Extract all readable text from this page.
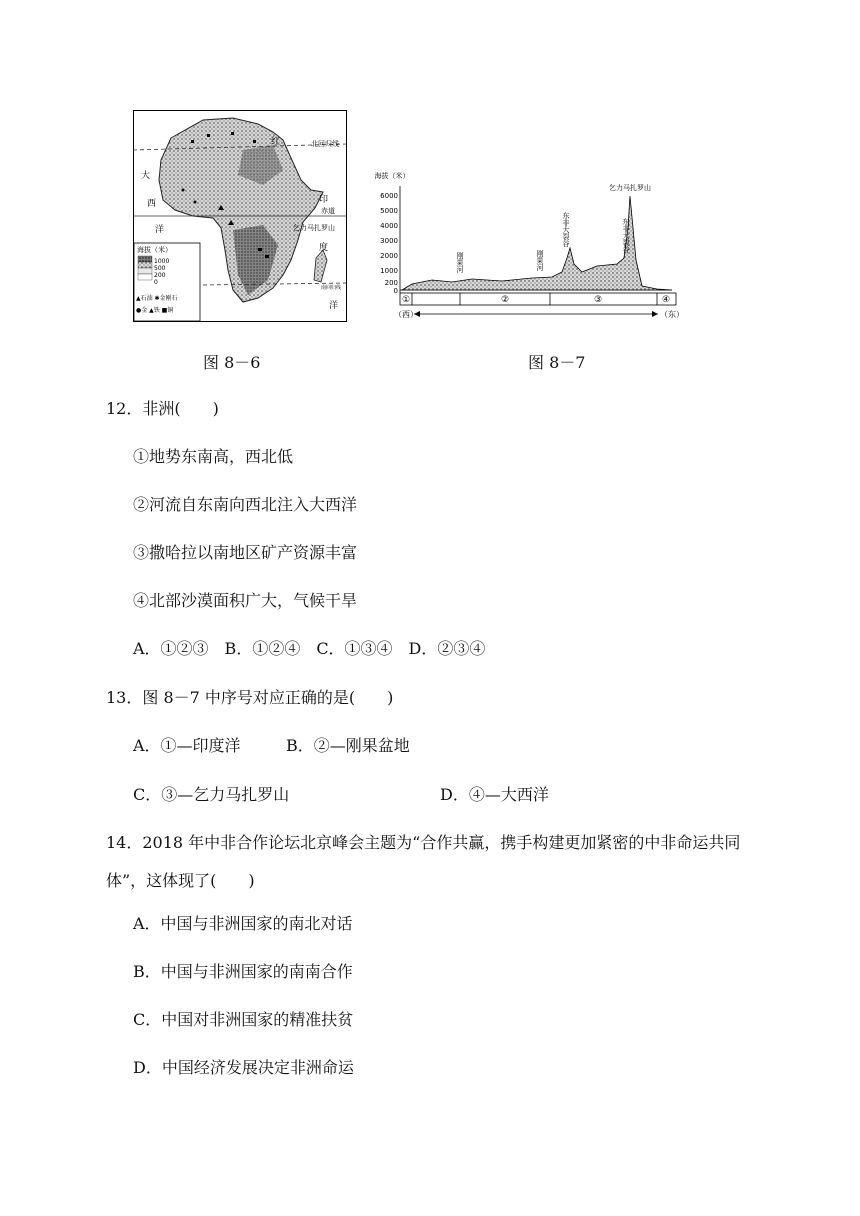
北回归线
赤道
南回归线
乞力马扎罗山
大
西
洋
印
度
洋
红
海拔（米）
1000
500
200
0
▲石油 ✱金刚石
●金 ▲铁 ■铜
图 8－6
海拔（米）
6000
5000
4000
3000
2000
1000
200
0
乞力马扎罗山
东非大裂谷	东非大裂谷
刚果河	刚果河
①	②	③	④
（西）	（东）
图 8－7
12．非洲(　　)
①地势东南高，西北低
②河流自东南向西北注入大西洋
③撒哈拉以南地区矿产资源丰富
④北部沙漠面积广大，气候干旱
A．①②③　B．①②④　C．①③④　D．②③④
13．图 8－7 中序号对应正确的是(　　)
A．①—印度洋	B．②—刚果盆地
C．③—乞力马扎罗山	D．④—大西洋
14．2018 年中非合作论坛北京峰会主题为“合作共赢，携手构建更加紧密的中非命运共同体”，这体现了(　　)
A．中国与非洲国家的南北对话
B．中国与非洲国家的南南合作
C．中国对非洲国家的精准扶贫
D．中国经济发展决定非洲命运
